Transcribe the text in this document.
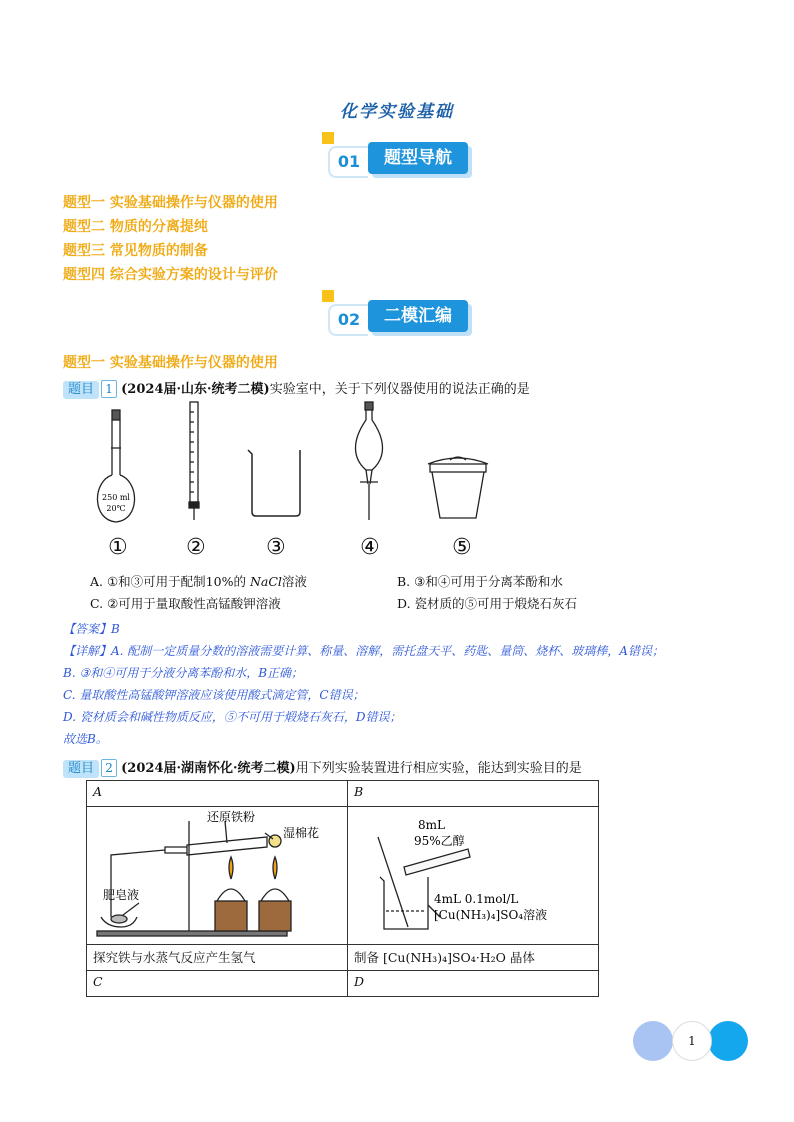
化学实验基础
01	题型导航
题型一 实验基础操作与仪器的使用
题型二 物质的分离提纯
题型三 常见物质的制备
题型四 综合实验方案的设计与评价
02	二模汇编
题型一 实验基础操作与仪器的使用
题目 1 (2024届·山东·统考二模)实验室中，关于下列仪器使用的说法正确的是
250 ml
20℃
①	②	③	④	⑤
A. ①和③可用于配制10%的 NaCl溶液	B. ③和④可用于分离苯酚和水
C. ②可用于量取酸性高锰酸钾溶液	D. 瓷材质的⑤可用于煅烧石灰石
【答案】B
【详解】A. 配制一定质量分数的溶液需要计算、称量、溶解，需托盘天平、药匙、量筒、烧杯、玻璃棒，A错误；
B. ③和④可用于分液分离苯酚和水，B正确；
C. 量取酸性高锰酸钾溶液应该使用酸式滴定管，C错误；
D. 瓷材质会和碱性物质反应，⑤不可用于煅烧石灰石，D错误；
故选B。
题目 2 (2024届·湖南怀化·统考二模)用下列实验装置进行相应实验，能达到实验目的是
A	B

还原铁粉
湿棉花
肥皂液	8mL
95%乙醇
4mL 0.1mol/L
[Cu(NH₃)₄]SO₄溶液

探究铁与水蒸气反应产生氢气	制备 [Cu(NH₃)₄]SO₄·H₂O 晶体
C	D
1
